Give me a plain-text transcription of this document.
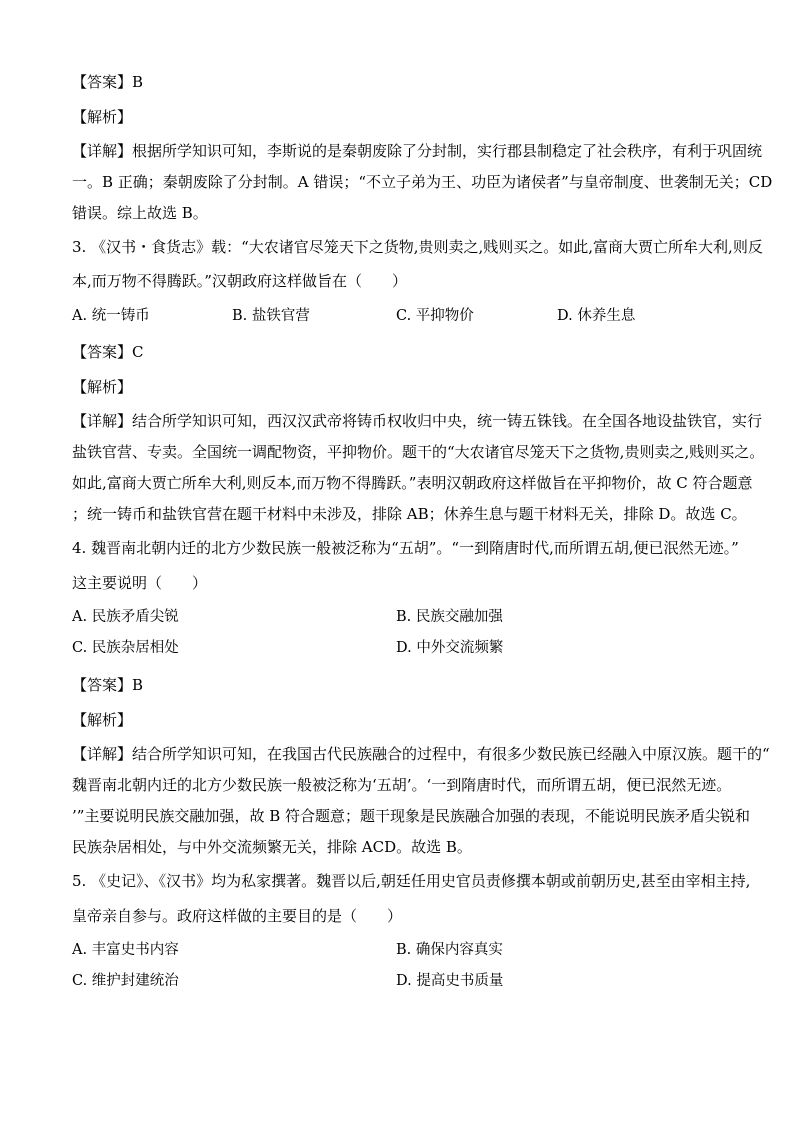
【答案】B
【解析】
【详解】根据所学知识可知，李斯说的是秦朝废除了分封制，实行郡县制稳定了社会秩序，有利于巩固统
一。B 正确；秦朝废除了分封制。A 错误；“不立子弟为王、功臣为诸侯者”与皇帝制度、世袭制无关；CD
错误。综上故选 B。
3. 《汉书・食货志》载：“大农诸官尽笼天下之货物,贵则卖之,贱则买之。如此,富商大贾亡所牟大利,则反
本,而万物不得腾跃。”汉朝政府这样做旨在（　　）
A. 统一铸币	B. 盐铁官营	C. 平抑物价	D. 休养生息
【答案】C
【解析】
【详解】结合所学知识可知，西汉汉武帝将铸币权收归中央，统一铸五铢钱。在全国各地设盐铁官，实行
盐铁官营、专卖。全国统一调配物资，平抑物价。题干的“大农诸官尽笼天下之货物,贵则卖之,贱则买之。
如此,富商大贾亡所牟大利,则反本,而万物不得腾跃。”表明汉朝政府这样做旨在平抑物价，故 C 符合题意
；统一铸币和盐铁官营在题干材料中未涉及，排除 AB；休养生息与题干材料无关，排除 D。故选 C。
4. 魏晋南北朝内迁的北方少数民族一般被泛称为“五胡”。“一到隋唐时代,而所谓五胡,便已泯然无迹。”
这主要说明（　　）
A. 民族矛盾尖锐	B. 民族交融加强
C. 民族杂居相处	D. 中外交流频繁
【答案】B
【解析】
【详解】结合所学知识可知，在我国古代民族融合的过程中，有很多少数民族已经融入中原汉族。题干的“
魏晋南北朝内迁的北方少数民族一般被泛称为‘五胡’。‘一到隋唐时代，而所谓五胡，便已泯然无迹。
’”主要说明民族交融加强，故 B 符合题意；题干现象是民族融合加强的表现，不能说明民族矛盾尖锐和
民族杂居相处，与中外交流频繁无关，排除 ACD。故选 B。
5. 《史记》、《汉书》均为私家撰著。魏晋以后,朝廷任用史官员责修撰本朝或前朝历史,甚至由宰相主持,
皇帝亲自参与。政府这样做的主要目的是（　　）
A. 丰富史书内容	B. 确保内容真实
C. 维护封建统治	D. 提高史书质量
